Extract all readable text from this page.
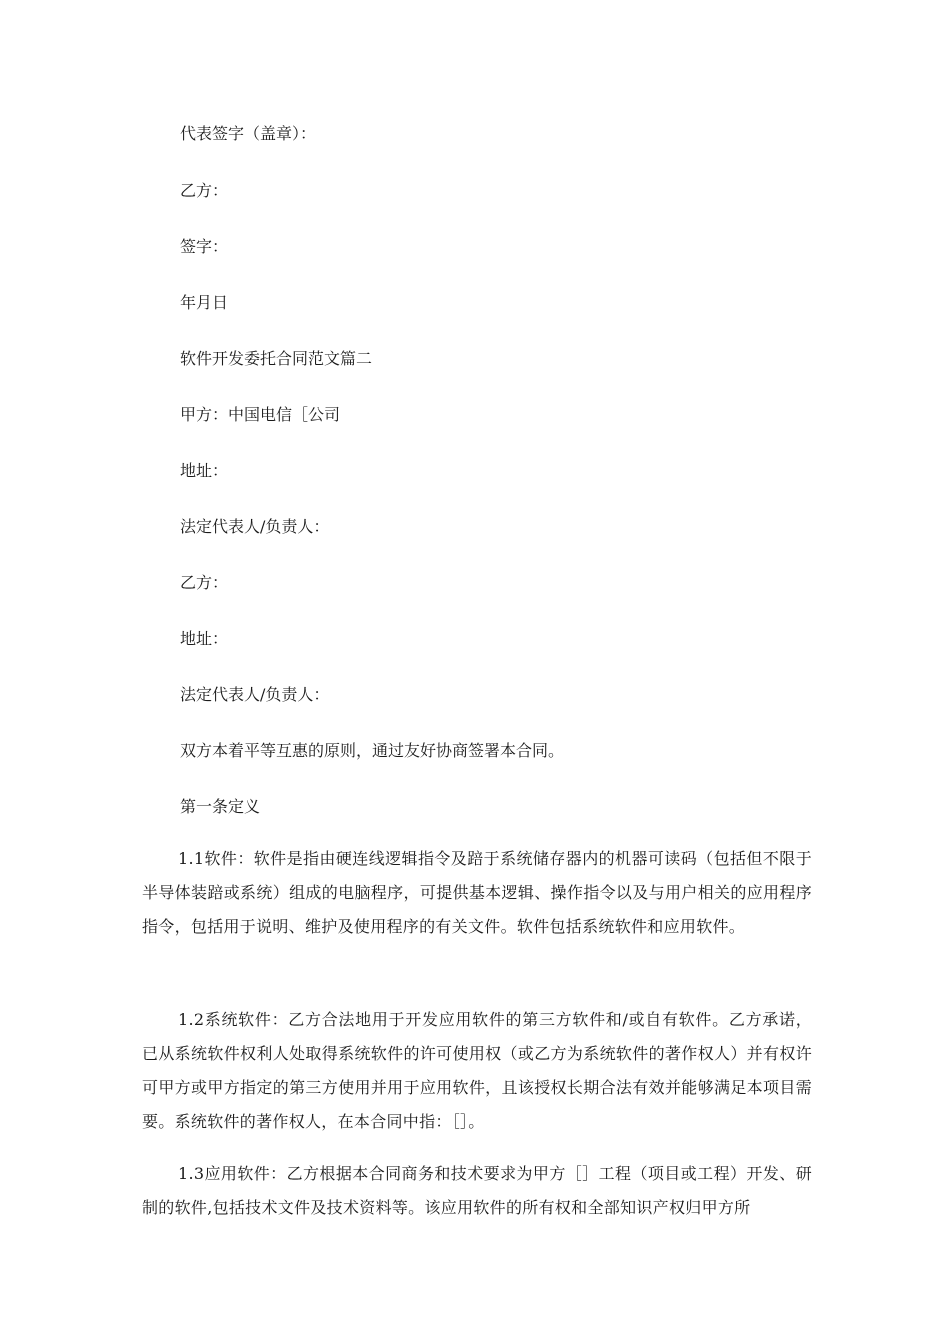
代表签字（盖章）：
乙方：
签字：
年月日
软件开发委托合同范文篇二
甲方：中国电信［公司
地址：
法定代表人/负责人：
乙方：
地址：
法定代表人/负责人：
双方本着平等互惠的原则，通过友好协商签署本合同。
第一条定义

1.1软件：软件是指由硬连线逻辑指令及踣于系统储存器内的机器可读码（包括但不限于半导体装踣或系统）组成的电脑程序，可提供基本逻辑、操作指令以及与用户相关的应用程序指令，包括用于说明、维护及使用程序的有关文件。软件包括系统软件和应用软件。

1.2系统软件：乙方合法地用于开发应用软件的第三方软件和/或自有软件。乙方承诺，已从系统软件权利人处取得系统软件的许可使用权（或乙方为系统软件的著作权人）并有权许可甲方或甲方指定的第三方使用并用于应用软件，且该授权长期合法有效并能够满足本项目需要。系统软件的著作权人，在本合同中指：［］。

1.3应用软件：乙方根据本合同商务和技术要求为甲方［］工程（项目或工程）开发、研制的软件,包括技术文件及技术资料等。该应用软件的所有权和全部知识产权归甲方所
